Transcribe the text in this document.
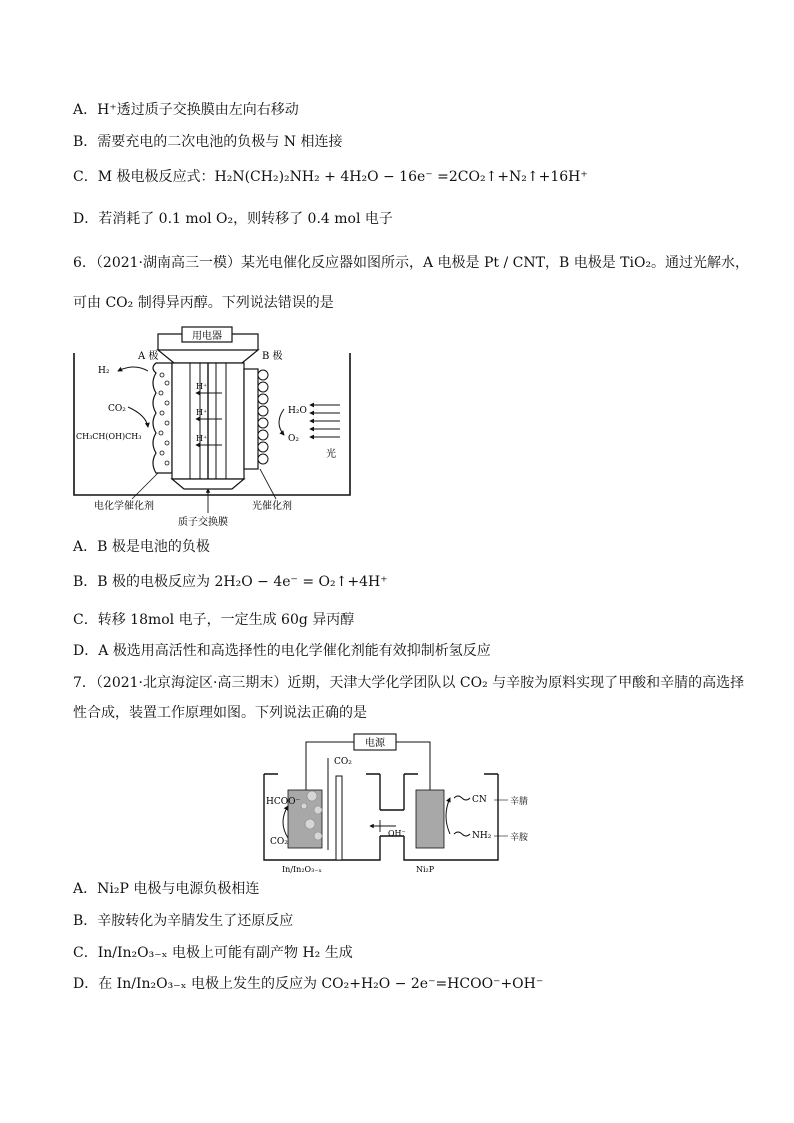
A．H⁺透过质子交换膜由左向右移动
B．需要充电的二次电池的负极与 N 相连接
C．M 极电极反应式：H₂N(CH₂)₂NH₂ + 4H₂O − 16e⁻ =2CO₂↑+N₂↑+16H⁺
D．若消耗了 0.1 mol O₂，则转移了 0.4 mol 电子
6．（2021·湖南高三一模）某光电催化反应器如图所示，A 电极是 Pt / CNT，B 电极是 TiO₂。通过光解水，
可由 CO₂ 制得异丙醇。下列说法错误的是
用电器
H⁺
H⁺
H⁺
A 极
H₂
CO₂
CH₃CH(OH)CH₃
B 极
H₂O
O₂
光
电化学催化剂	光催化剂
质子交换膜
A．B 极是电池的负极
B．B 极的电极反应为 2H₂O − 4e⁻ = O₂↑+4H⁺
C．转移 18mol 电子，一定生成 60g 异丙醇
D．A 极选用高活性和高选择性的电化学催化剂能有效抑制析氢反应
7．（2021·北京海淀区·高三期末）近期，天津大学化学团队以 CO₂ 与辛胺为原料实现了甲酸和辛腈的高选择
性合成，装置工作原理如图。下列说法正确的是
电源
CO₂
HCOO⁻
CO₂
In/In₂O₃₋ₓ
OH⁻
Ni₂P
CN
NH₂
辛腈
辛胺
A．Ni₂P 电极与电源负极相连
B．辛胺转化为辛腈发生了还原反应
C．In/In₂O₃₋ₓ 电极上可能有副产物 H₂ 生成
D．在 In/In₂O₃₋ₓ 电极上发生的反应为 CO₂+H₂O − 2e⁻=HCOO⁻+OH⁻
